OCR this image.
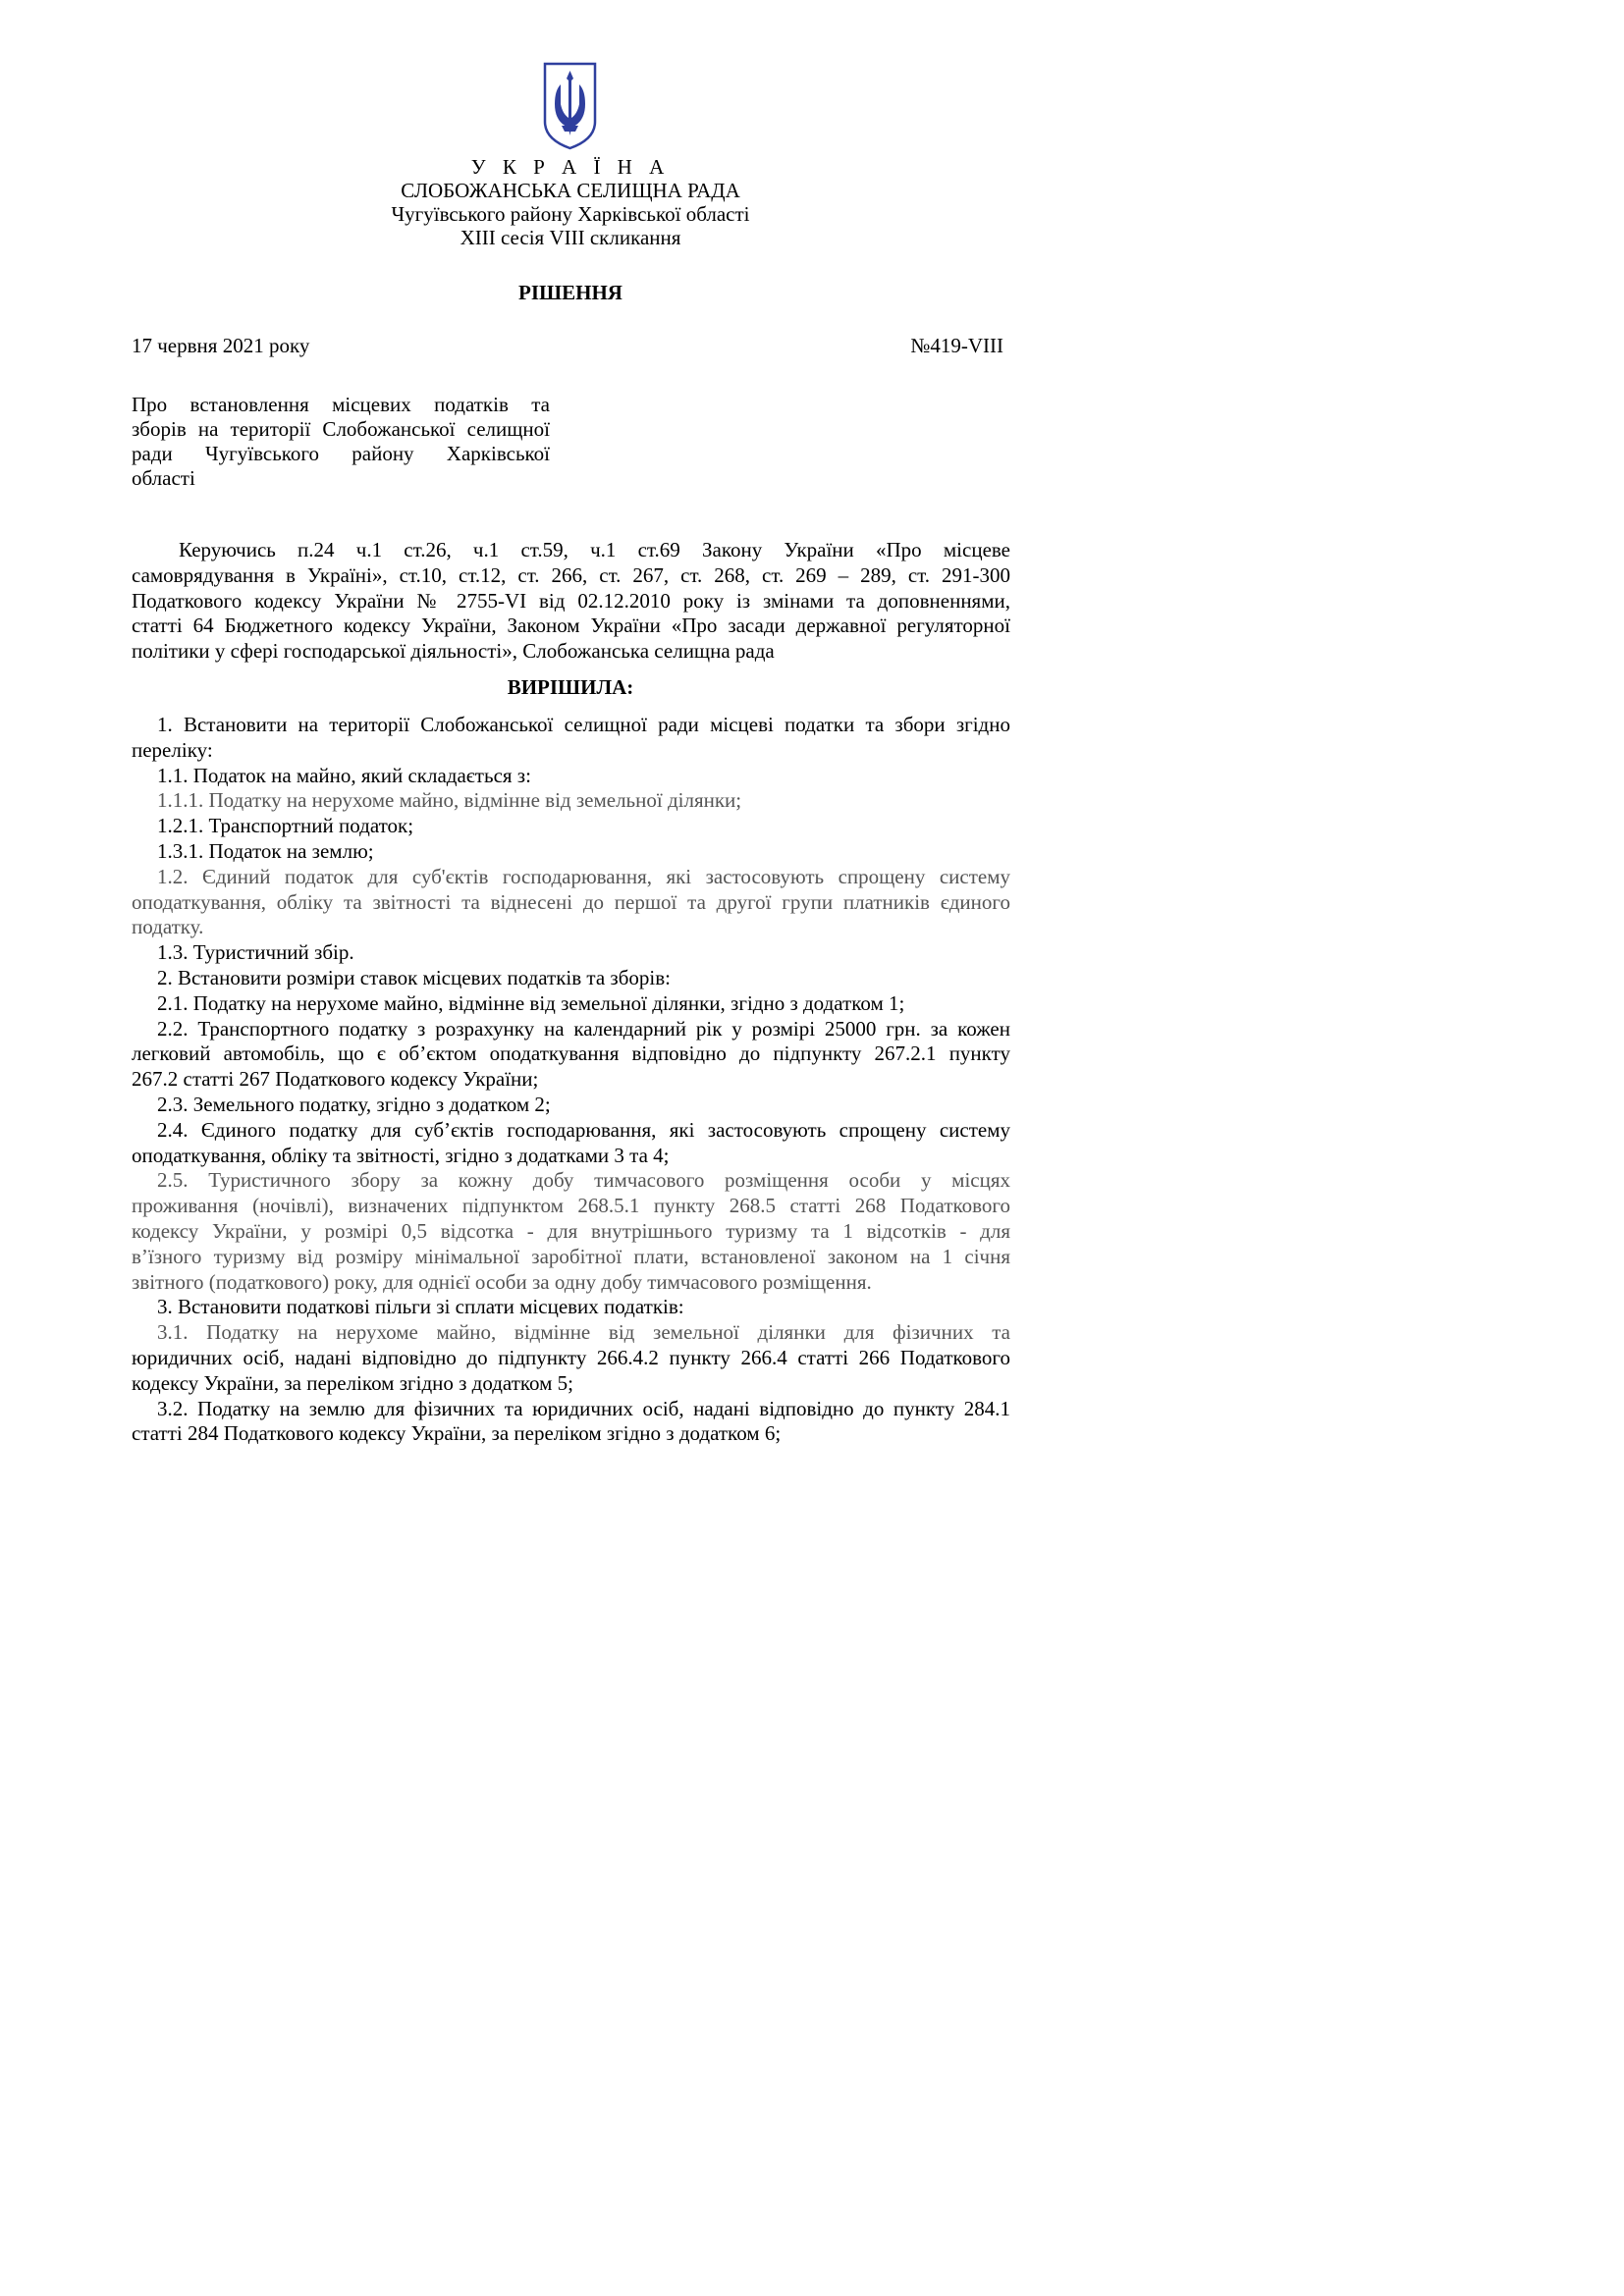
У К Р А Ї Н А
СЛОБОЖАНСЬКА СЕЛИЩНА РАДА
Чугуївського району Харківської області
XIII сесія VIII скликання
РІШЕННЯ
17 червня 2021 року	№419-VIII
Про встановлення місцевих податків та
зборів на території Слобожанської селищної
ради Чугуївського району Харківської
області
Керуючись п.24 ч.1 ст.26, ч.1 ст.59, ч.1 ст.69 Закону України «Про місцеве
самоврядування в Україні», ст.10, ст.12, ст. 266, ст. 267, ст. 268, ст. 269 – 289, ст. 291-300
Податкового кодексу України № 2755-VI від 02.12.2010 року із змінами та доповненнями,
статті 64 Бюджетного кодексу України, Законом України «Про засади державної регуляторної
політики у сфері господарської діяльності», Слобожанська селищна рада
ВИРІШИЛА:

1. Встановити на території Слобожанської селищної ради місцеві податки та збори згідно
переліку:

1.1. Податок на майно, який складається з:

1.1.1. Податку на нерухоме майно, відмінне від земельної ділянки;

1.2.1. Транспортний податок;

1.3.1. Податок на землю;

1.2. Єдиний податок для суб'єктів господарювання, які застосовують спрощену систему
оподаткування, обліку та звітності та віднесені до першої та другої групи платників єдиного
податку.

1.3. Туристичний збір.

2. Встановити розміри ставок місцевих податків та зборів:

2.1. Податку на нерухоме майно, відмінне від земельної ділянки, згідно з додатком 1;

2.2. Транспортного податку з розрахунку на календарний рік у розмірі 25000 грн. за кожен
легковий автомобіль, що є об’єктом оподаткування відповідно до підпункту 267.2.1 пункту
267.2 статті 267 Податкового кодексу України;

2.3. Земельного податку, згідно з додатком 2;

2.4. Єдиного податку для суб’єктів господарювання, які застосовують спрощену систему
оподаткування, обліку та звітності, згідно з додатками 3 та 4;

2.5. Туристичного збору за кожну добу тимчасового розміщення особи у місцях
проживання (ночівлі), визначених підпунктом 268.5.1 пункту 268.5 статті 268 Податкового
кодексу України, у розмірі 0,5 відсотка - для внутрішнього туризму та 1 відсотків - для
в’їзного туризму від розміру мінімальної заробітної плати, встановленої законом на 1 січня
звітного (податкового) року, для однієї особи за одну добу тимчасового розміщення.

3. Встановити податкові пільги зі сплати місцевих податків:

3.1. Податку на нерухоме майно, відмінне від земельної ділянки для фізичних та
юридичних осіб, надані відповідно до підпункту 266.4.2 пункту 266.4 статті 266 Податкового
кодексу України, за переліком згідно з додатком 5;

3.2. Податку на землю для фізичних та юридичних осіб, надані відповідно до пункту 284.1
статті 284 Податкового кодексу України, за переліком згідно з додатком 6;
